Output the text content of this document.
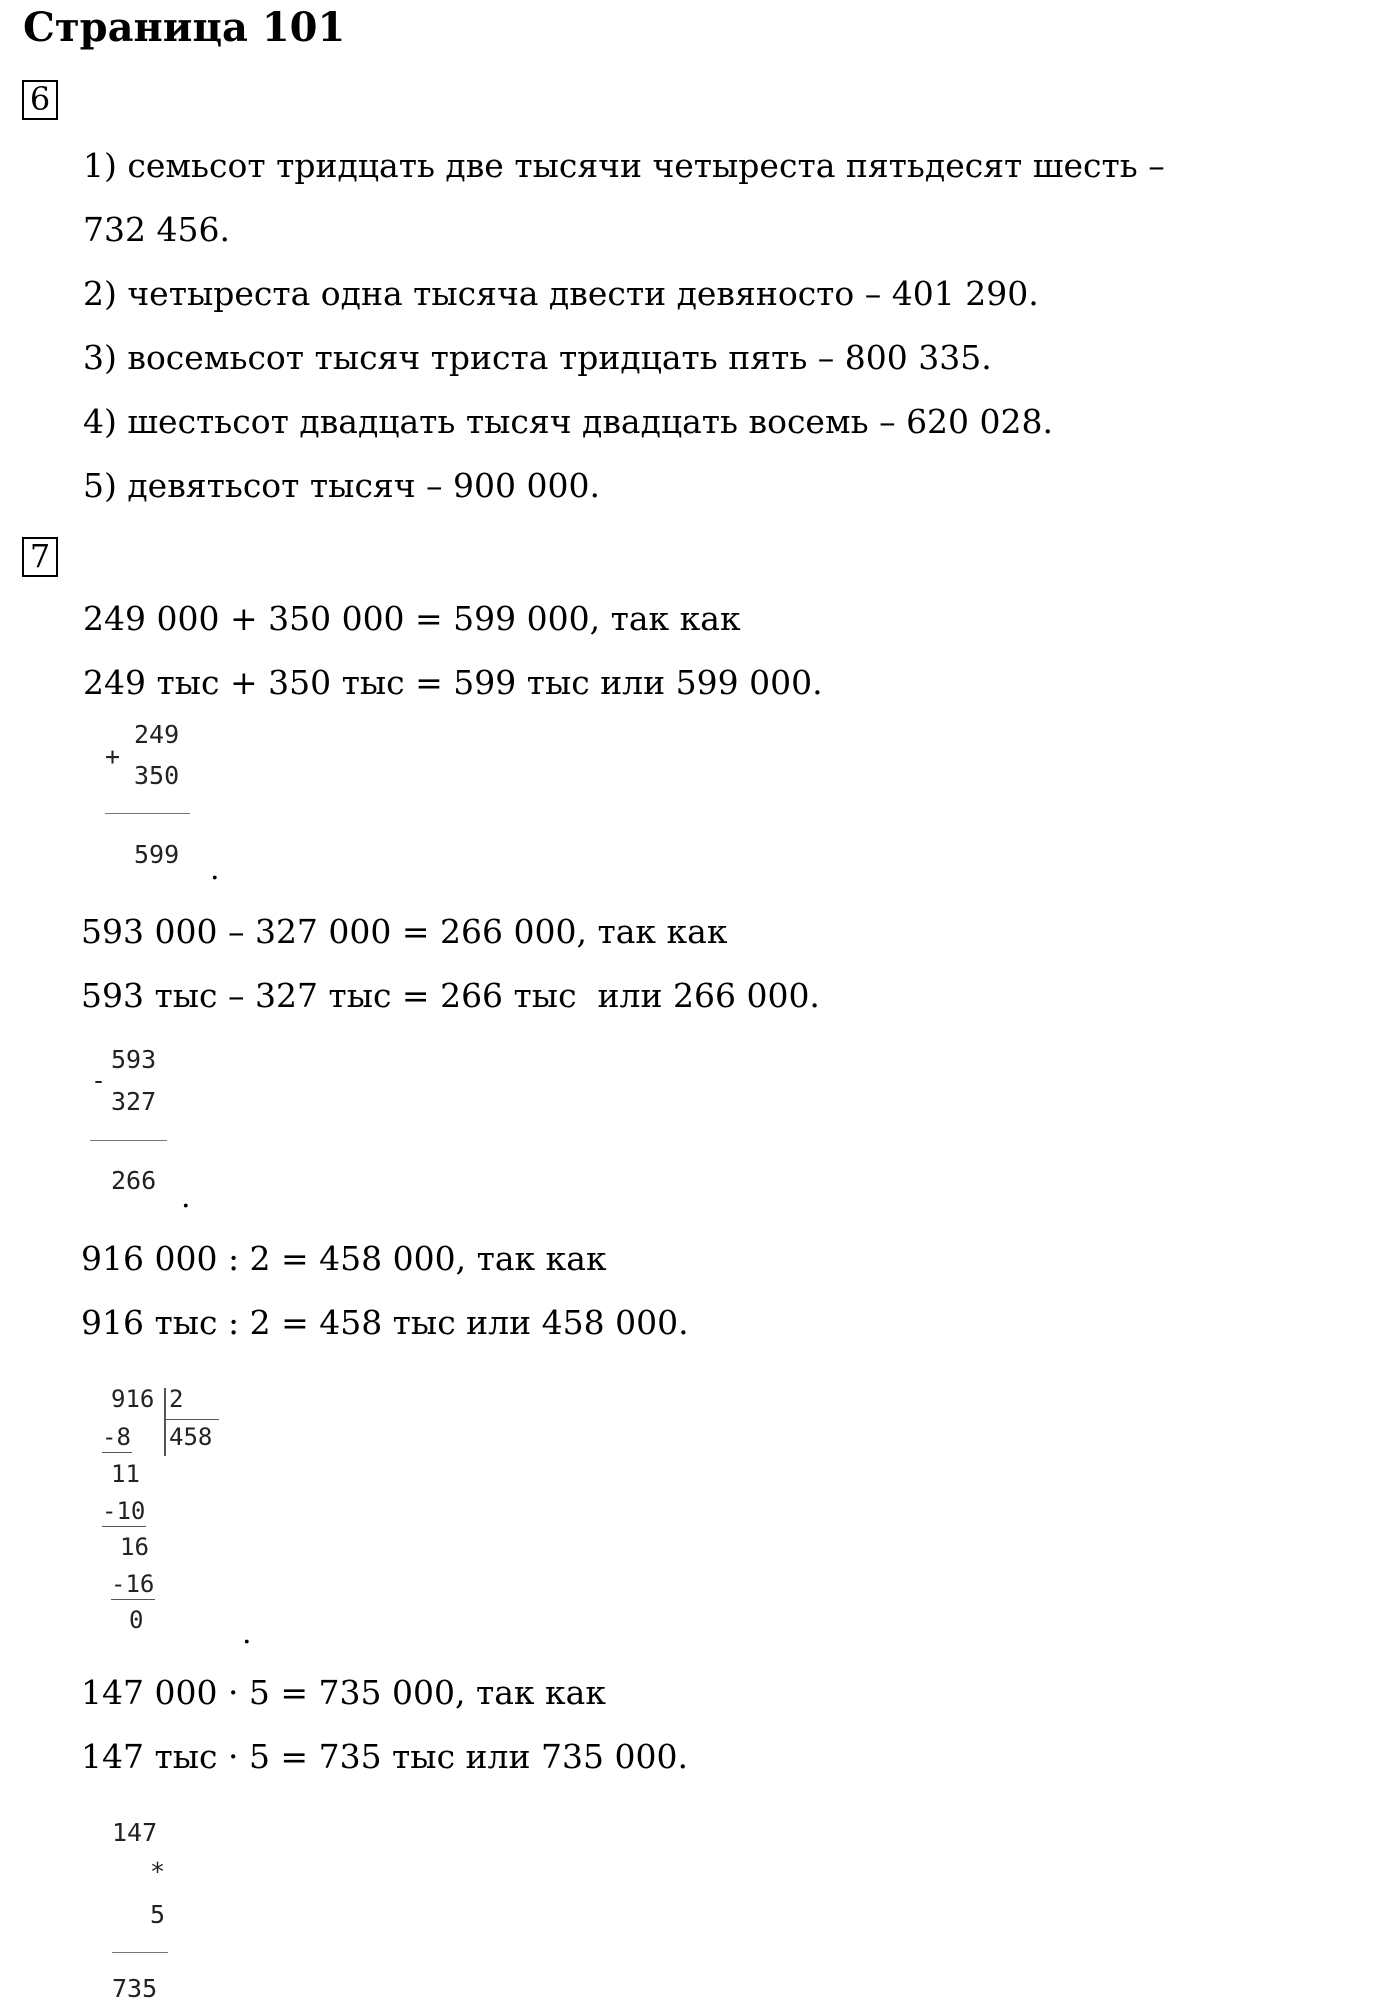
Страница 101
6
1) семьсот тридцать две тысячи четыреста пятьдесят шесть –
732 456.
2) четыреста одна тысяча двести девяносто – 401 290.
3) восемьсот тысяч триста тридцать пять – 800 335.
4) шестьсот двадцать тысяч двадцать восемь – 620 028.
5) девятьсот тысяч – 900 000.
7
249 000 + 350 000 = 599 000, так как
249 тыс + 350 тыс = 599 тыс или 599 000.
249
+
350
599 .
593 000 – 327 000 = 266 000, так как
593 тыс – 327 тыс = 266 тыс  или 266 000.
593
-
327
266 .
916 000 : 2 = 458 000, так как
916 тыс : 2 = 458 тыс или 458 000.
916 2
458
-8
11
-10
16
-16
0	.
147 000 · 5 = 735 000, так как
147 тыс · 5 = 735 тыс или 735 000.
147
*
5
735
